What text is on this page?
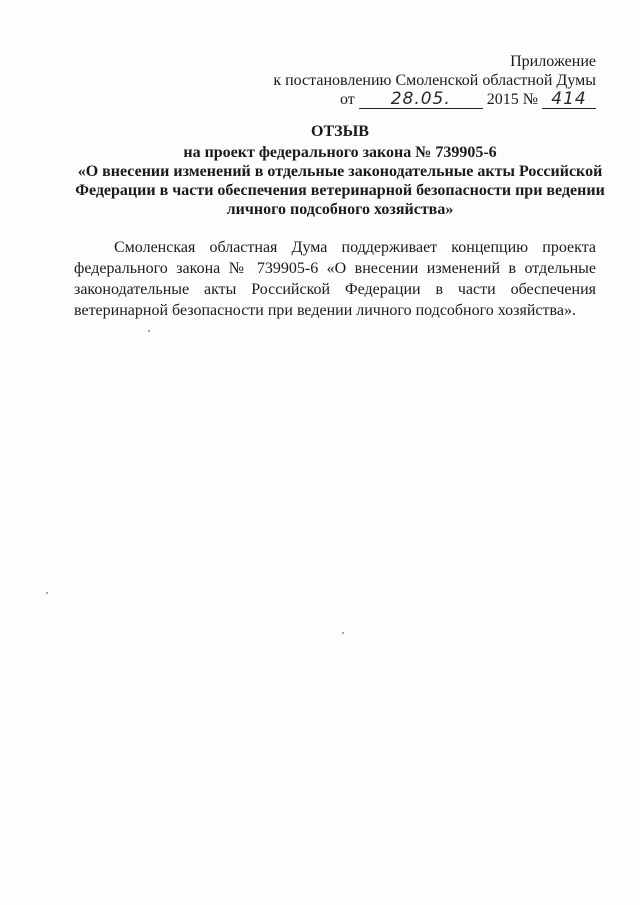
Приложение
к постановлению Смоленской областной Думы
от	28.05.	2015 № 414
ОТЗЫВ
на проект федерального закона № 739905-6
«О внесении изменений в отдельные законодательные акты Российской
Федерации в части обеспечения ветеринарной безопасности при ведении
личного подсобного хозяйства»

Смоленская областная Дума поддерживает концепцию проекта федерального закона № 739905-6 «О внесении изменений в отдельные законодательные акты Российской Федерации в части обеспечения ветеринарной безопасности при ведении личного подсобного хозяйства».
